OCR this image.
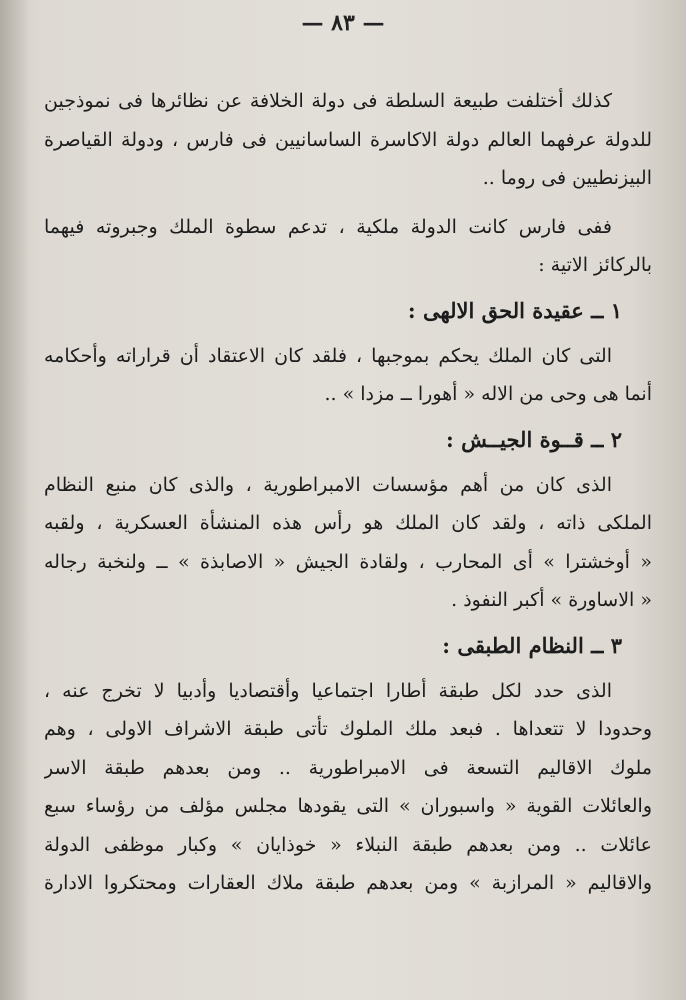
— ٨٣ —
كذلك أختلفت طبيعة السلطة فى دولة الخلافة عن نظائرها فى نموذجين
للدولة عرفهما العالم دولة الاكاسرة الساسانيين فى فارس ، ودولة القياصرة
البيزنطيين فى روما ..
ففى فارس كانت الدولة ملكية ، تدعم سطوة الملك وجبروته فيهما
بالركائز الاتية :
١ ــ عقيدة الحق الالهى :
التى كان الملك يحكم بموجبها ، فلقد كان الاعتقاد أن قراراته وأحكامه
أنما هى وحى من الاله « أهورا ــ مزدا » ..
٢ ــ قــوة الجيــش :
الذى كان من أهم مؤسسات الامبراطورية ، والذى كان منبع النظام
الملكى ذاته ، ولقد كان الملك هو رأس هذه المنشأة العسكرية ، ولقبه
« أوخشترا » أى المحارب ، ولقادة الجيش « الاصابذة » ــ ولنخبة رجاله
« الاساورة » أكبر النفوذ .
٣ ــ النظام الطبقى :
الذى حدد لكل طبقة أطارا اجتماعيا وأقتصاديا وأدبيا لا تخرج عنه ،
وحدودا لا تتعداها . فبعد ملك الملوك تأتى طبقة الاشراف الاولى ، وهم
ملوك الاقاليم التسعة فى الامبراطورية .. ومن بعدهم طبقة الاسر
والعائلات القوية « واسبوران » التى يقودها مجلس مؤلف من رؤساء سبع
عائلات .. ومن بعدهم طبقة النبلاء « خوذايان » وكبار موظفى الدولة
والاقاليم « المرازبة » ومن بعدهم طبقة ملاك العقارات ومحتكروا الادارة
